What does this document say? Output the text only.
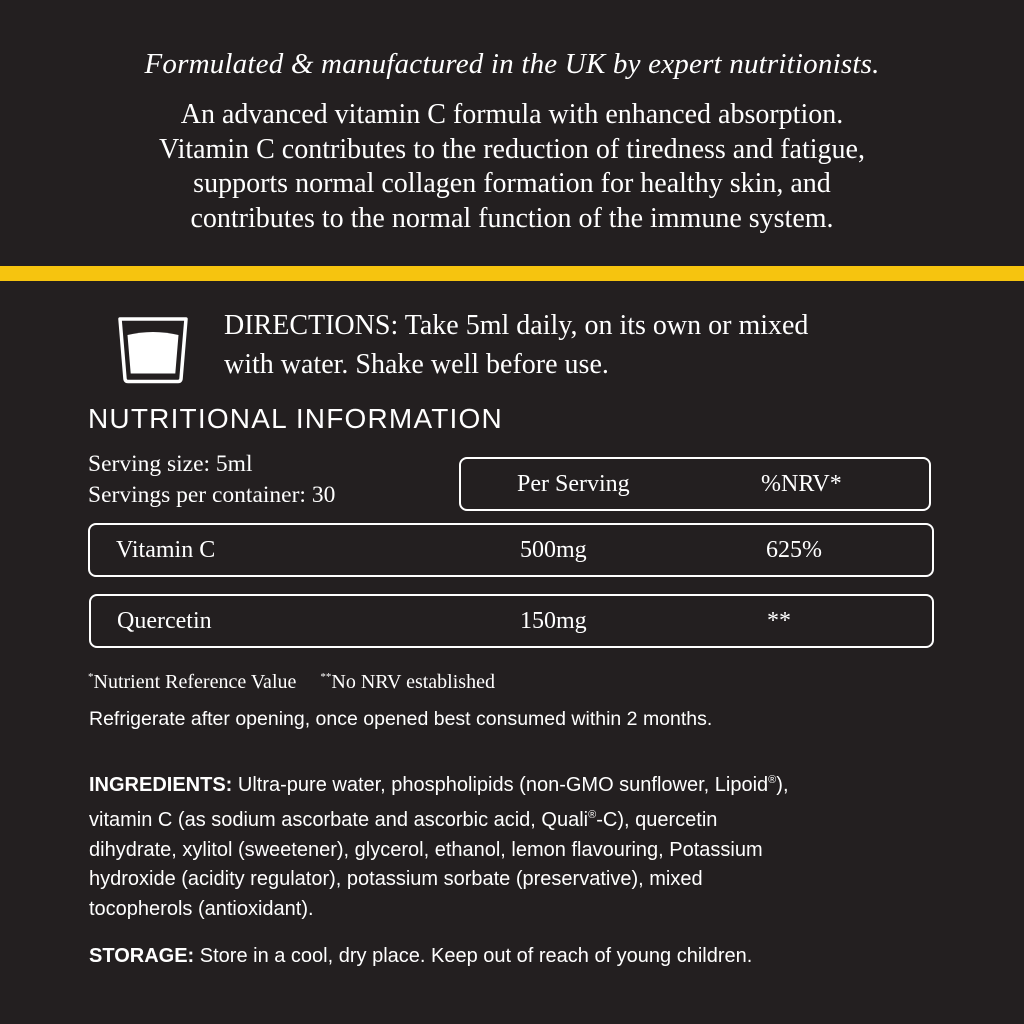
Formulated & manufactured in the UK by expert nutritionists.
An advanced vitamin C formula with enhanced absorption.
Vitamin C contributes to the reduction of tiredness and fatigue,
supports normal collagen formation for healthy skin, and
contributes to the normal function of the immune system.
DIRECTIONS: Take 5ml daily, on its own or mixed
with water. Shake well before use.
NUTRITIONAL INFORMATION
Serving size: 5ml
Servings per container: 30	Per Serving	%NRV*
Vitamin C	500mg	625%
Quercetin	150mg	**
*Nutrient Reference Value **No NRV established
Refrigerate after opening, once opened best consumed within 2 months.
INGREDIENTS: Ultra-pure water, phospholipids (non-GMO sunflower, Lipoid®),
vitamin C (as sodium ascorbate and ascorbic acid, Quali®-C), quercetin
dihydrate, xylitol (sweetener), glycerol, ethanol, lemon flavouring, Potassium
hydroxide (acidity regulator), potassium sorbate (preservative), mixed
tocopherols (antioxidant).
STORAGE: Store in a cool, dry place. Keep out of reach of young children.
